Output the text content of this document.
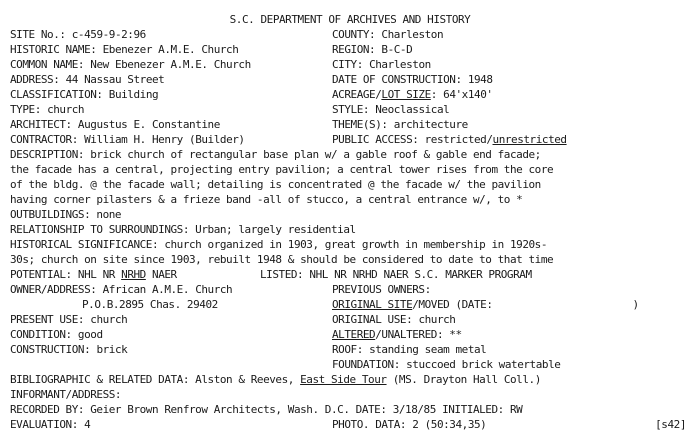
S.C. DEPARTMENT OF ARCHIVES AND HISTORY
SITE No.: c-459-9-2:96	COUNTY: Charleston
HISTORIC NAME: Ebenezer A.M.E. Church	REGION: B-C-D
COMMON NAME: New Ebenezer A.M.E. Church	CITY: Charleston
ADDRESS: 44 Nassau Street	DATE OF CONSTRUCTION: 1948
CLASSIFICATION: Building	ACREAGE/LOT SIZE: 64'x140'
TYPE: church	STYLE: Neoclassical
ARCHITECT: Augustus E. Constantine	THEME(S): architecture
CONTRACTOR: William H. Henry (Builder)	PUBLIC ACCESS: restricted/unrestricted
DESCRIPTION: brick church of rectangular base plan w/ a gable roof & gable end facade;
the facade has a central, projecting entry pavilion; a central tower rises from the core
of the bldg. @ the facade wall; detailing is concentrated @ the facade w/ the pavilion
having corner pilasters & a frieze band -all of stucco, a central entrance w/, to *
OUTBUILDINGS: none
RELATIONSHIP TO SURROUNDINGS: Urban; largely residential
HISTORICAL SIGNIFICANCE: church organized in 1903, great growth in membership in 1920s-
30s; church on site since 1903, rebuilt 1948 & should be considered to date to that time
POTENTIAL: NHL NR NRHD NAER	LISTED: NHL NR NRHD NAER S.C. MARKER PROGRAM
OWNER/ADDRESS: African A.M.E. Church	PREVIOUS OWNERS:
P.O.B.2895 Chas. 29402	ORIGINAL SITE/MOVED (DATE:	)
PRESENT USE: church	ORIGINAL USE: church
CONDITION: good	ALTERED/UNALTERED: **
CONSTRUCTION: brick	ROOF: standing seam metal
FOUNDATION: stuccoed brick watertable
BIBLIOGRAPHIC & RELATED DATA: Alston & Reeves, East Side Tour (MS. Drayton Hall Coll.)
INFORMANT/ADDRESS:
RECORDED BY: Geier Brown Renfrow Architects, Wash. D.C. DATE: 3/18/85 INITIALED: RW
EVALUATION: 4	PHOTO. DATA: 2 (50:34,35)	[s42]
